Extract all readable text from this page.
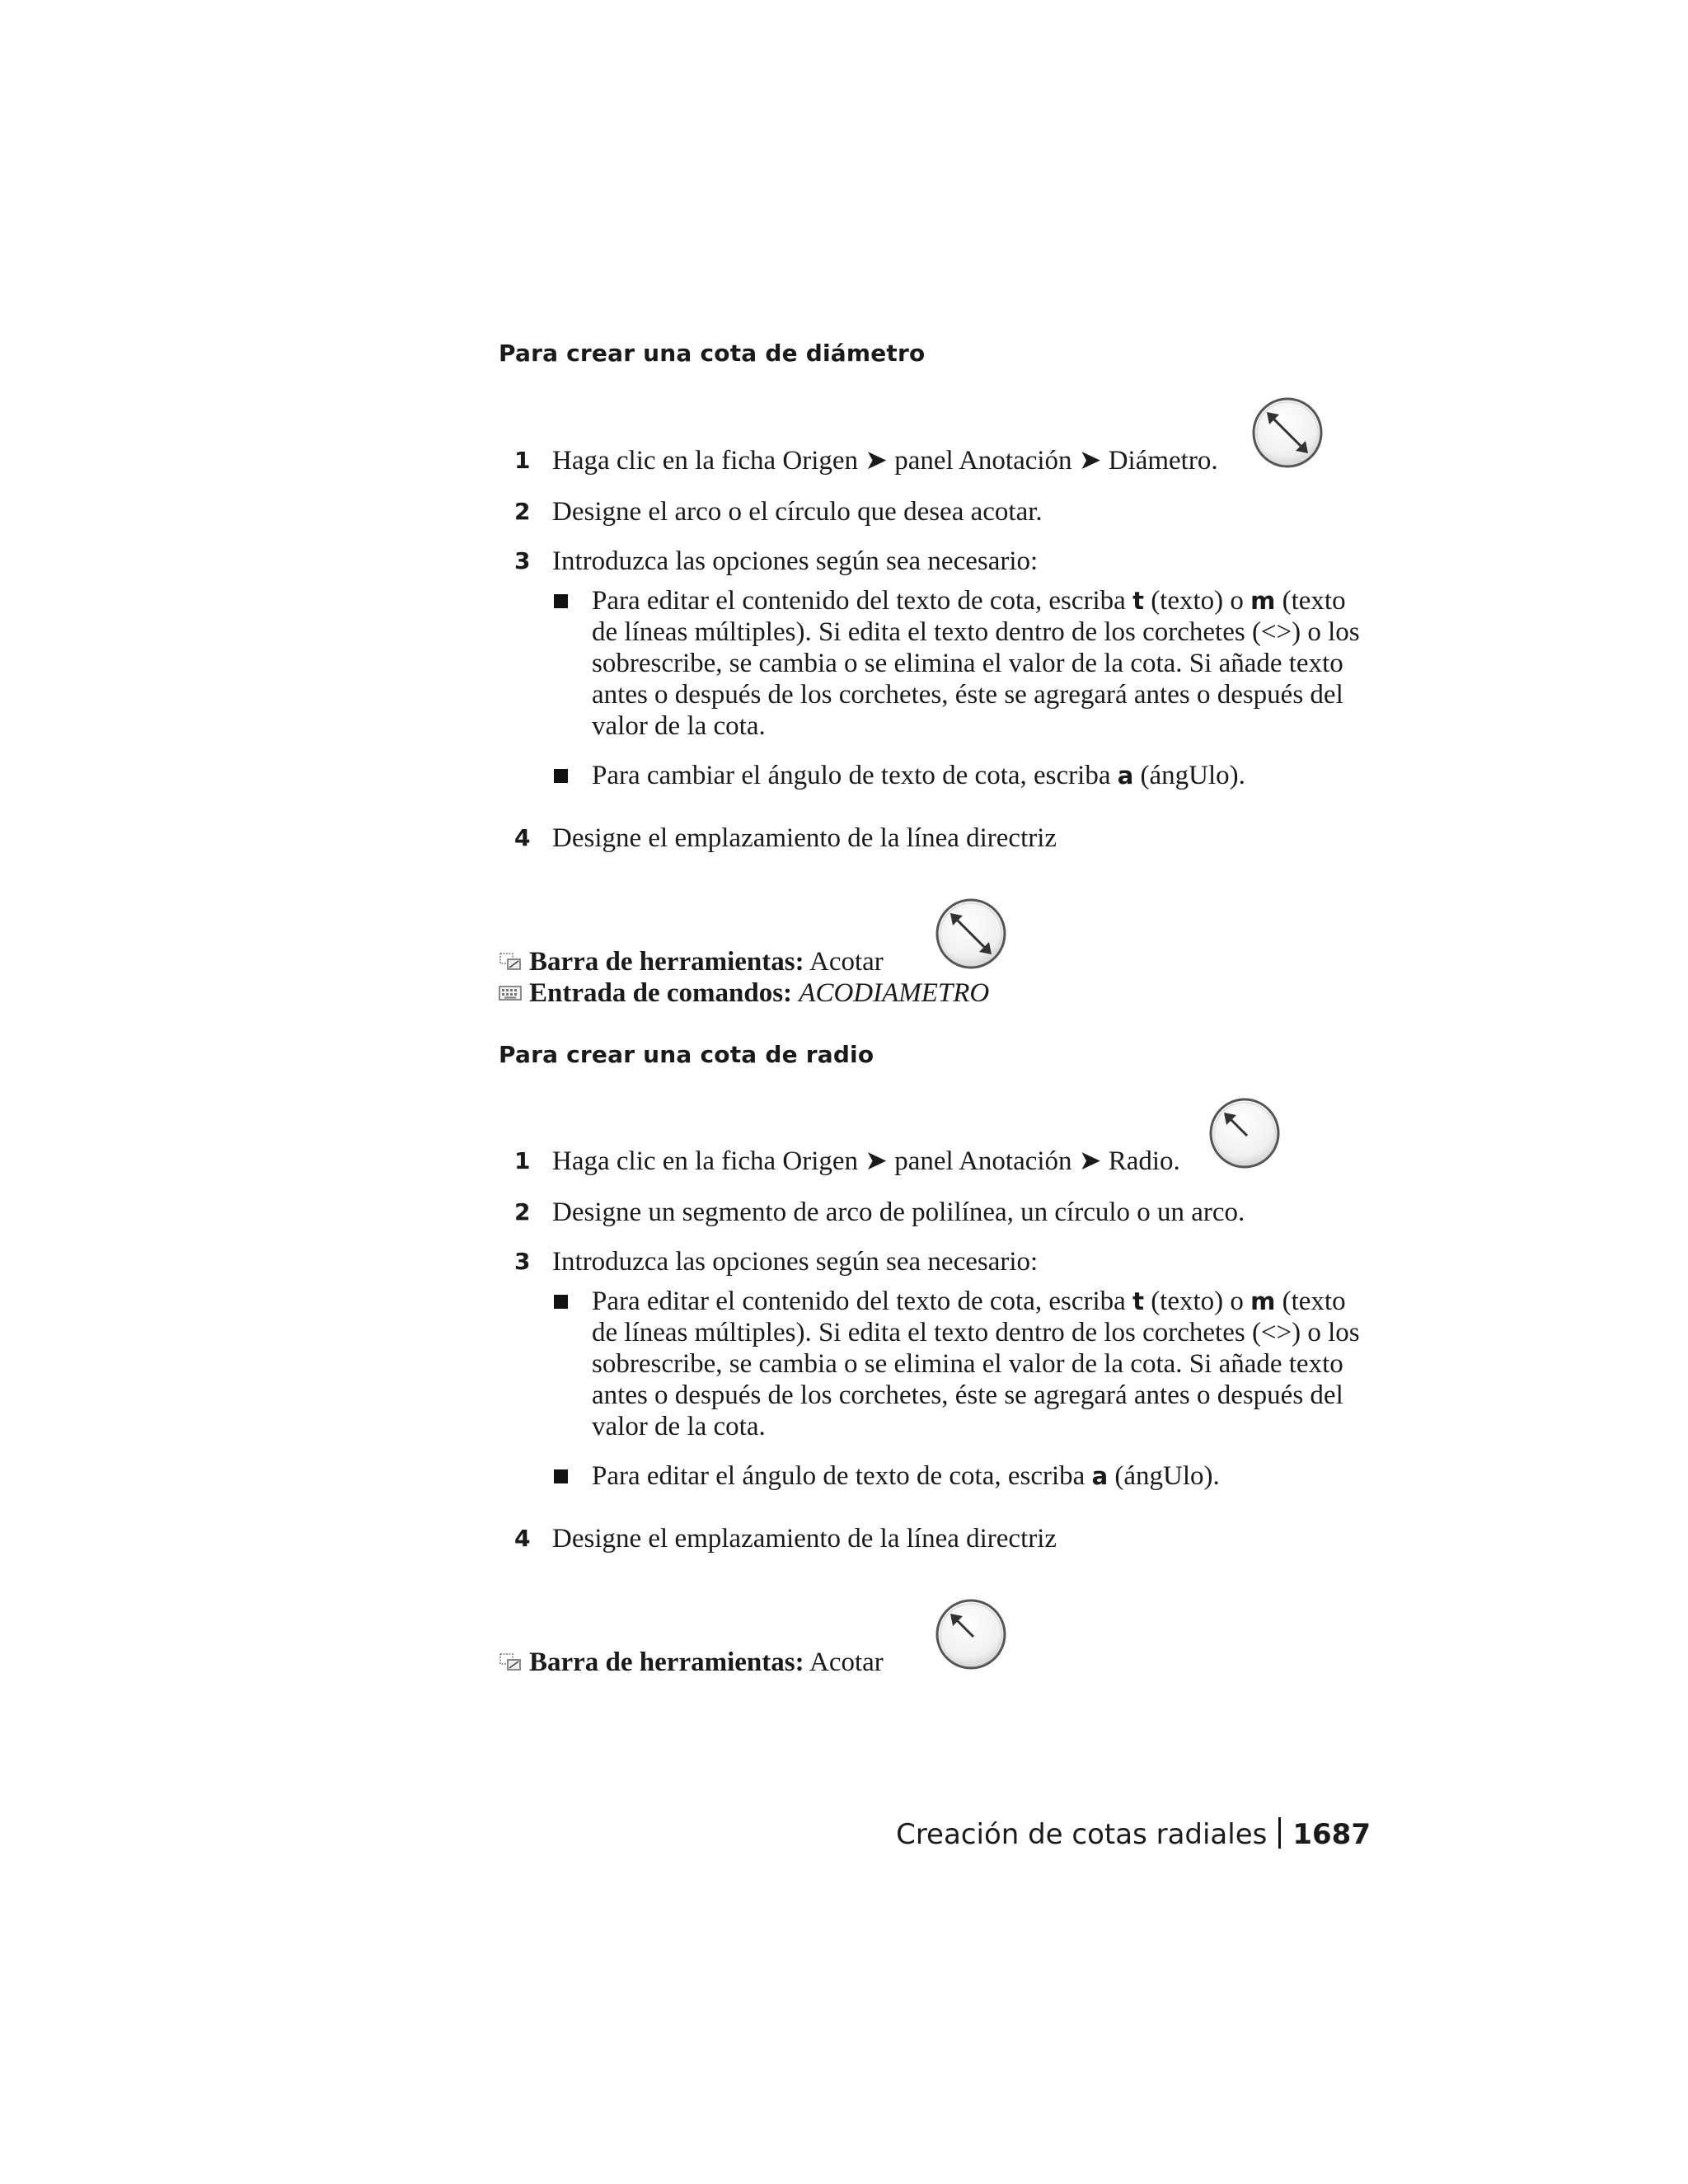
Para crear una cota de diámetro
1 Haga clic en la ficha Origen ➤ panel Anotación ➤ Diámetro.
2 Designe el arco o el círculo que desea acotar.
3 Introduzca las opciones según sea necesario:

Para editar el contenido del texto de cota, escriba t (texto) o m (texto

de líneas múltiples). Si edita el texto dentro de los corchetes (<>) o los

sobrescribe, se cambia o se elimina el valor de la cota. Si añade texto

antes o después de los corchetes, éste se agregará antes o después del

valor de la cota.

Para cambiar el ángulo de texto de cota, escriba a (ángUlo).

4 Designe el emplazamiento de la línea directriz
Barra de herramientas: Acotar
Entrada de comandos: ACODIAMETRO
Para crear una cota de radio
1 Haga clic en la ficha Origen ➤ panel Anotación ➤ Radio.
2 Designe un segmento de arco de polilínea, un círculo o un arco.
3 Introduzca las opciones según sea necesario:

Para editar el contenido del texto de cota, escriba t (texto) o m (texto

de líneas múltiples). Si edita el texto dentro de los corchetes (<>) o los

sobrescribe, se cambia o se elimina el valor de la cota. Si añade texto

antes o después de los corchetes, éste se agregará antes o después del

valor de la cota.

Para editar el ángulo de texto de cota, escriba a (ángUlo).

4 Designe el emplazamiento de la línea directriz
Barra de herramientas: Acotar
Creación de cotas radiales 1687
